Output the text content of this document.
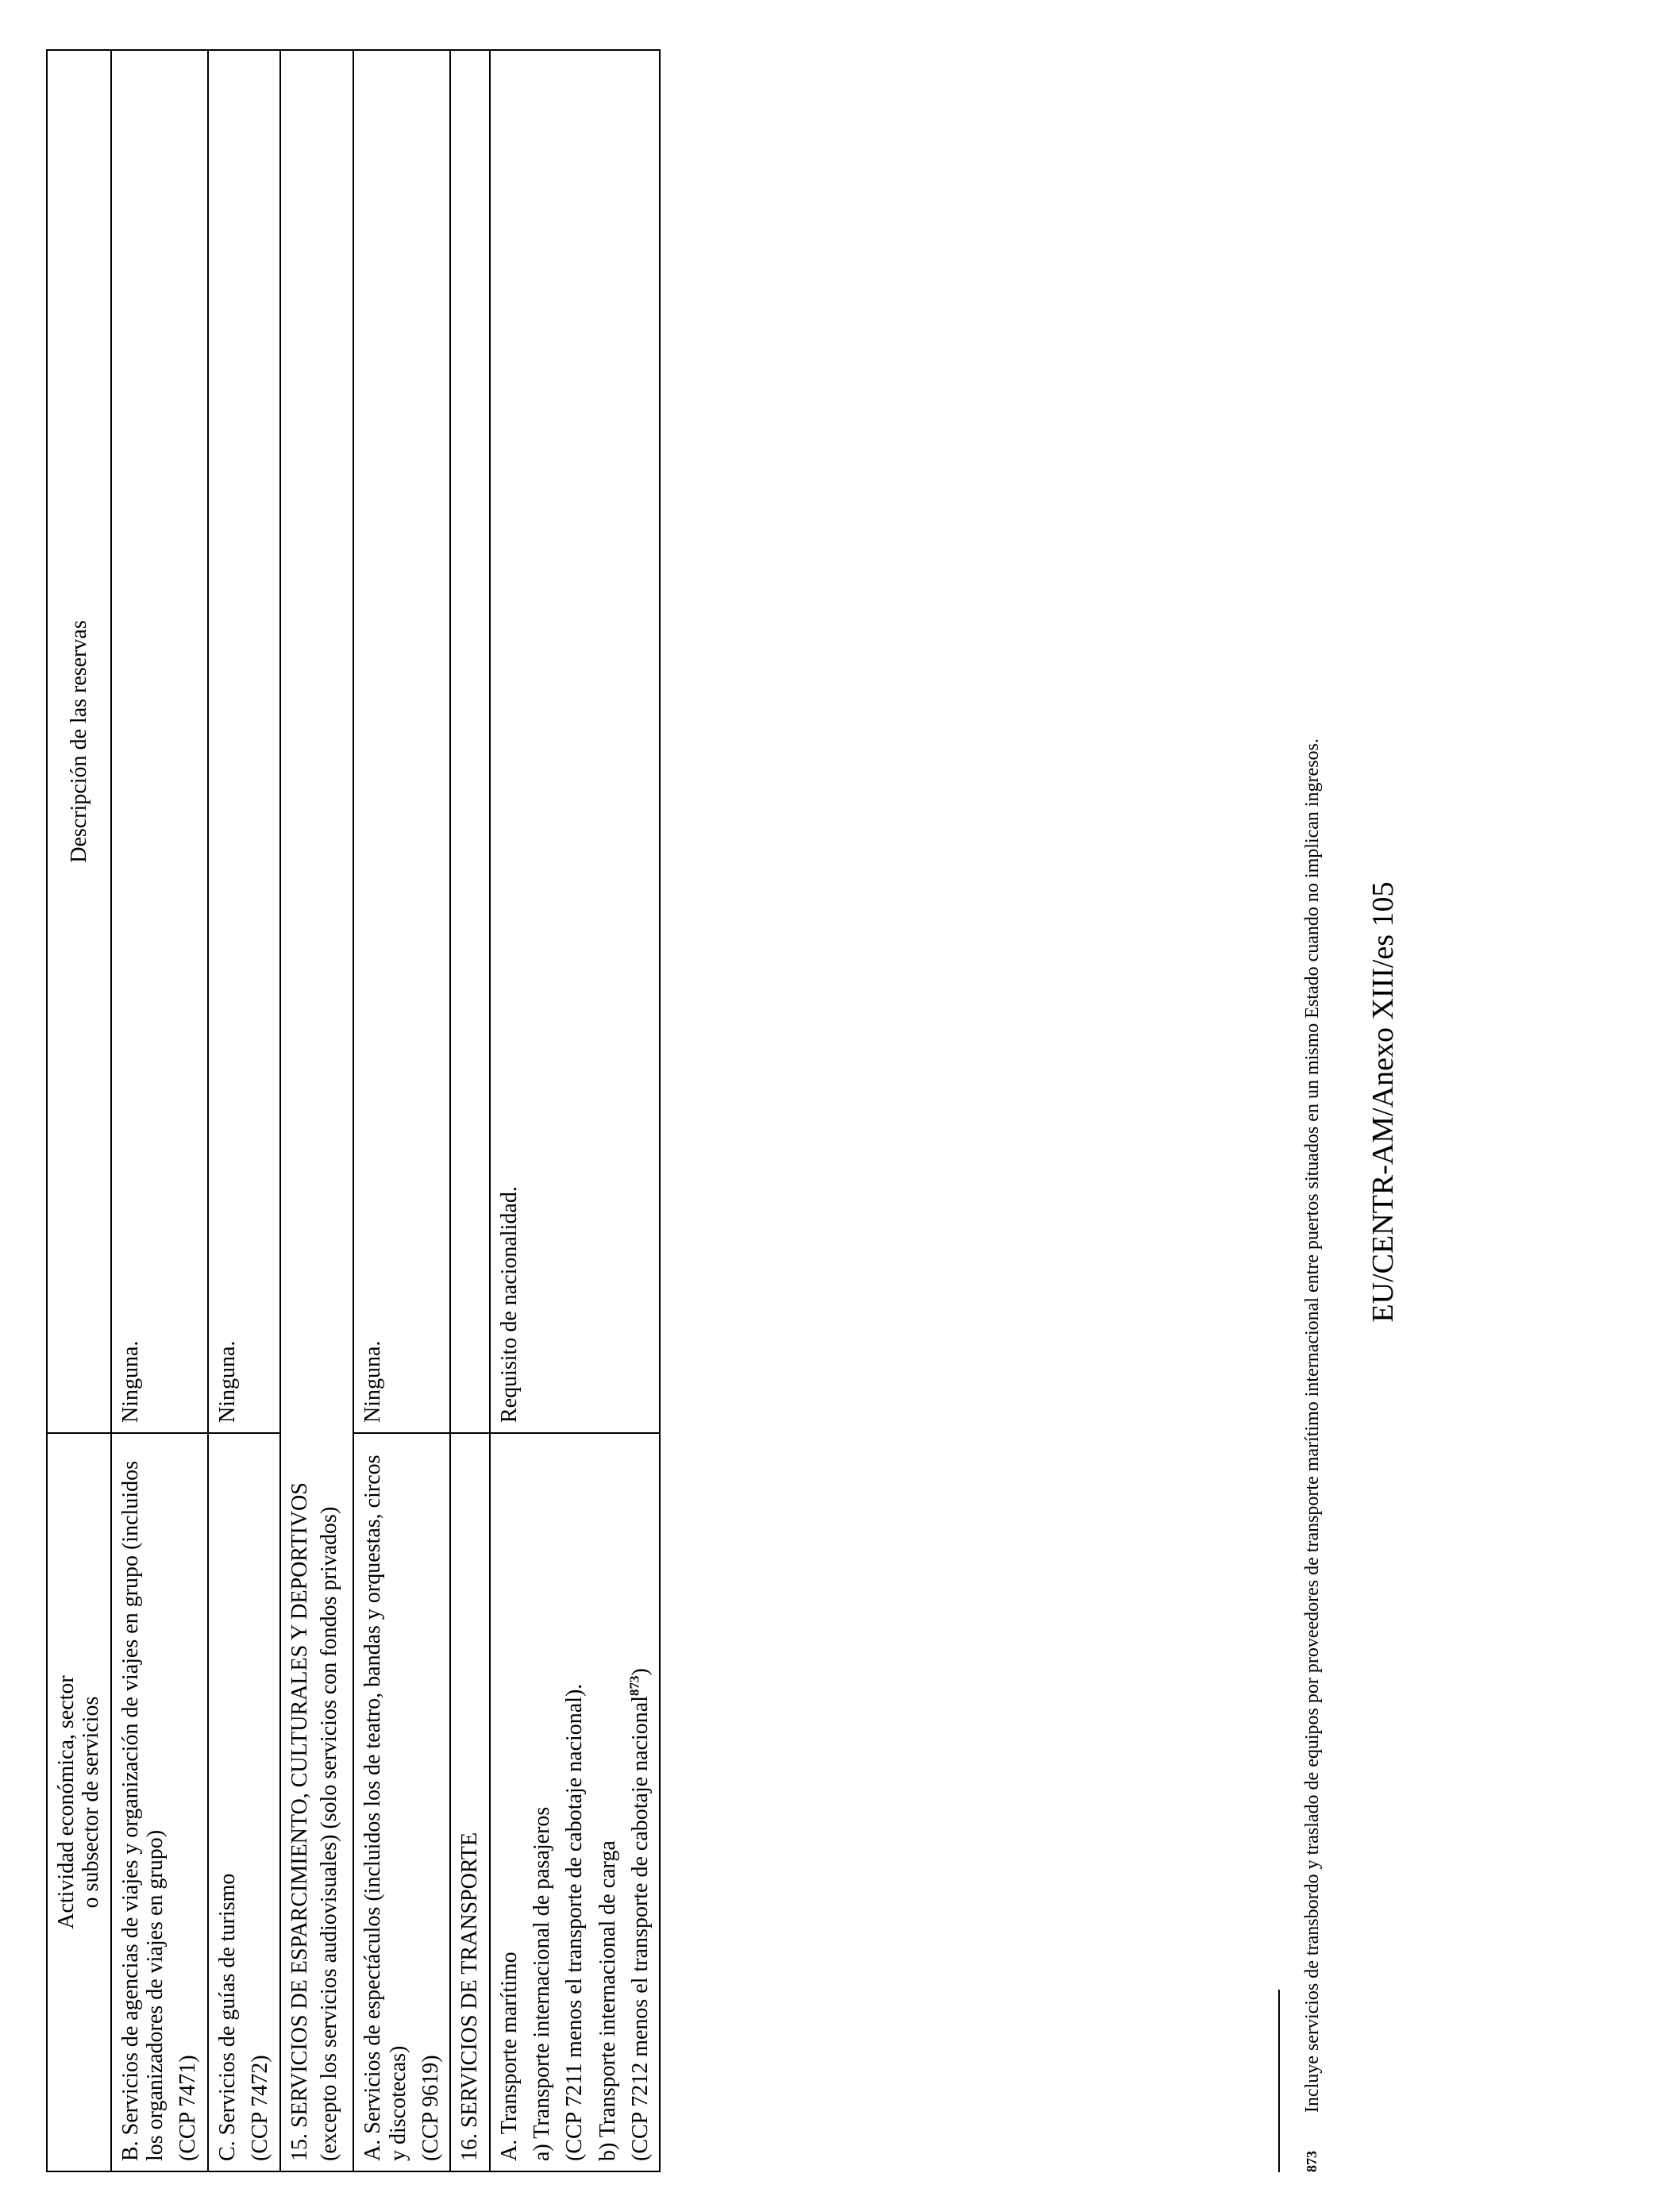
Actividad económica, sector o subsector de servicios	Descripción de las reservas

B. Servicios de agencias de viajes y organización de viajes en grupo (incluidos los organizadores de viajes en grupo) (CCP 7471)	Ninguna.

C. Servicios de guías de turismo (CCP 7472)	Ninguna.

15. SERVICIOS DE ESPARCIMIENTO, CULTURALES Y DEPORTIVOS (excepto los servicios audiovisuales) (solo servicios con fondos privados)	

A. Servicios de espectáculos (incluidos los de teatro, bandas y orquestas, circos y discotecas) (CCP 9619)	Ninguna.
16. SERVICIOS DE TRANSPORTE	

A. Transporte marítimo a) Transporte internacional de pasajeros (CCP 7211 menos el transporte de cabotaje nacional). b) Transporte internacional de carga (CCP 7212 menos el transporte de cabotaje nacional$^{873}$)	Requisito de nacionalidad.
873
Incluye servicios de transbordo y traslado de equipos por proveedores de transporte marítimo internacional entre puertos situados en un mismo Estado cuando no implican ingresos. EU/CENTR-AM/Anexo XIII/es 105
